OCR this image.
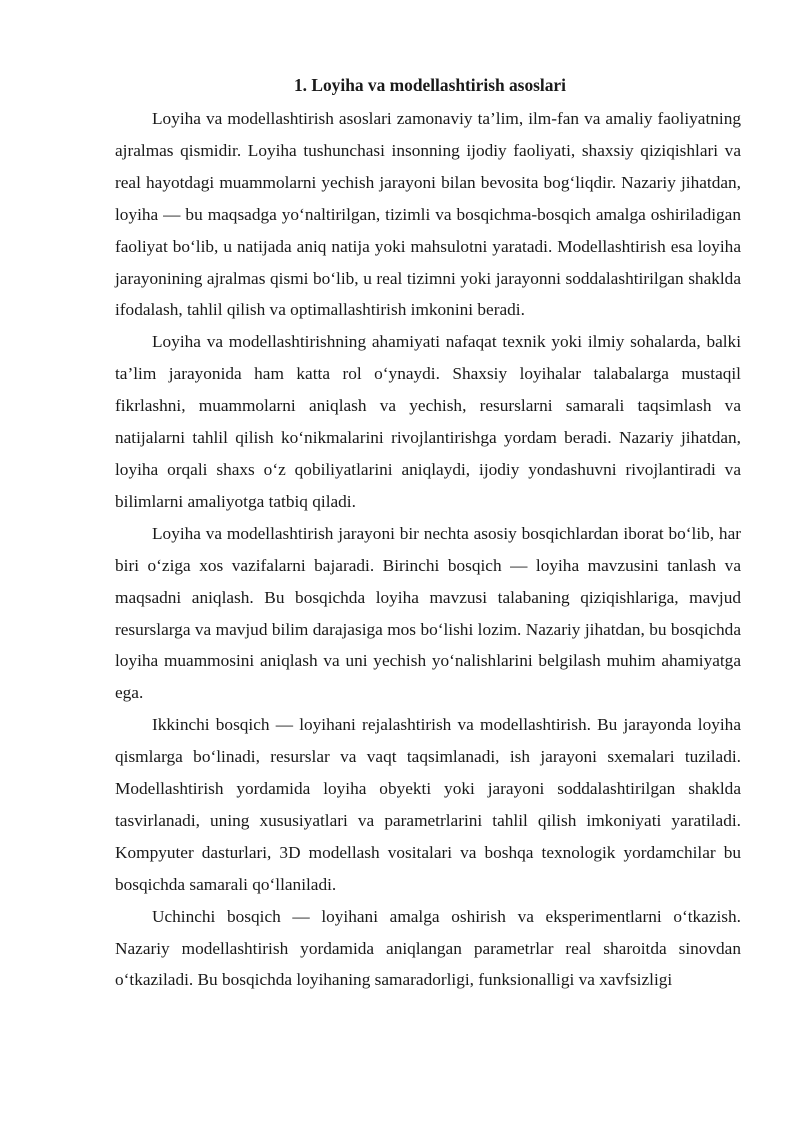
1. Loyiha va modellashtirish asoslari

Loyiha va modellashtirish asoslari zamonaviy ta’lim, ilm-fan va amaliy faoliyatning ajralmas qismidir. Loyiha tushunchasi insonning ijodiy faoliyati, shaxsiy qiziqishlari va real hayotdagi muammolarni yechish jarayoni bilan bevosita bog‘liqdir. Nazariy jihatdan, loyiha — bu maqsadga yo‘naltirilgan, tizimli va bosqichma-bosqich amalga oshiriladigan faoliyat bo‘lib, u natijada aniq natija yoki mahsulotni yaratadi. Modellashtirish esa loyiha jarayonining ajralmas qismi bo‘lib, u real tizimni yoki jarayonni soddalashtirilgan shaklda ifodalash, tahlil qilish va optimallashtirish imkonini beradi.

Loyiha va modellashtirishning ahamiyati nafaqat texnik yoki ilmiy sohalarda, balki ta’lim jarayonida ham katta rol o‘ynaydi. Shaxsiy loyihalar talabalarga mustaqil fikrlashni, muammolarni aniqlash va yechish, resurslarni samarali taqsimlash va natijalarni tahlil qilish ko‘nikmalarini rivojlantirishga yordam beradi. Nazariy jihatdan, loyiha orqali shaxs o‘z qobiliyatlarini aniqlaydi, ijodiy yondashuvni rivojlantiradi va bilimlarni amaliyotga tatbiq qiladi.

Loyiha va modellashtirish jarayoni bir nechta asosiy bosqichlardan iborat bo‘lib, har biri o‘ziga xos vazifalarni bajaradi. Birinchi bosqich — loyiha mavzusini tanlash va maqsadni aniqlash. Bu bosqichda loyiha mavzusi talabaning qiziqishlariga, mavjud resurslarga va mavjud bilim darajasiga mos bo‘lishi lozim. Nazariy jihatdan, bu bosqichda loyiha muammosini aniqlash va uni yechish yo‘nalishlarini belgilash muhim ahamiyatga ega.

Ikkinchi bosqich — loyihani rejalashtirish va modellashtirish. Bu jarayonda loyiha qismlarga bo‘linadi, resurslar va vaqt taqsimlanadi, ish jarayoni sxemalari tuziladi. Modellashtirish yordamida loyiha obyekti yoki jarayoni soddalashtirilgan shaklda tasvirlanadi, uning xususiyatlari va parametrlarini tahlil qilish imkoniyati yaratiladi. Kompyuter dasturlari, 3D modellash vositalari va boshqa texnologik yordamchilar bu bosqichda samarali qo‘llaniladi.

Uchinchi bosqich — loyihani amalga oshirish va eksperimentlarni o‘tkazish. Nazariy modellashtirish yordamida aniqlangan parametrlar real sharoitda sinovdan o‘tkaziladi. Bu bosqichda loyihaning samaradorligi, funksionalligi va xavfsizligi
